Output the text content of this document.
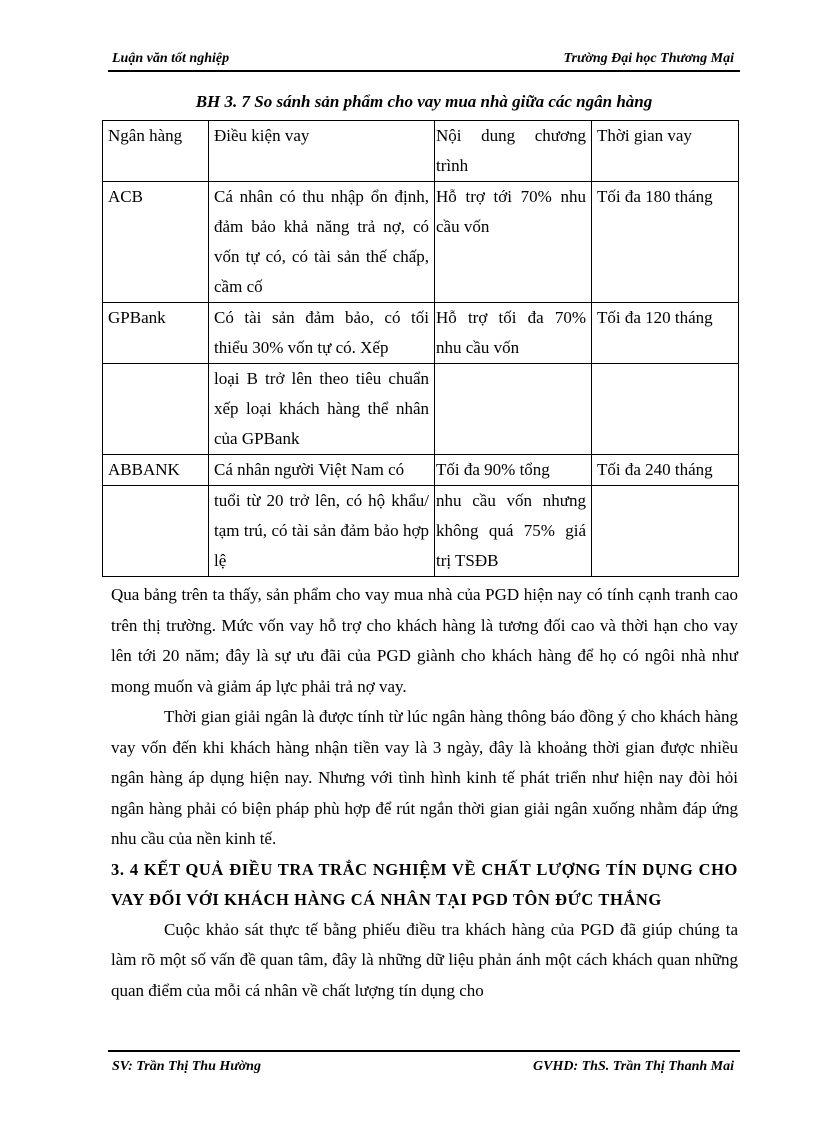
Luận văn tốt nghiệp	Trường Đại học Thương Mại
BH 3. 7 So sánh sản phẩm cho vay mua nhà giữa các ngân hàng
Ngân hàng	Điều kiện vay	Nội dung chương trình	Thời gian vay
ACB	Cá nhân có thu nhập ổn định, đảm bảo khả năng trả nợ, có vốn tự có, có tài sản thế chấp, cầm cố	Hỗ trợ tới 70% nhu cầu vốn	Tối đa 180 tháng
GPBank	Có tài sản đảm bảo, có tối thiểu 30% vốn tự có. Xếp	Hỗ trợ tối đa 70% nhu cầu vốn	Tối đa 120 tháng
	loại B trở lên theo tiêu chuẩn xếp loại khách hàng thể nhân của GPBank		
ABBANK	Cá nhân người Việt Nam có	Tối đa 90% tổng	Tối đa 240 tháng
	tuổi từ 20 trở lên, có hộ khẩu/ tạm trú, có tài sản đảm bảo hợp lệ	nhu cầu vốn nhưng không quá 75% giá trị TSĐB	

Qua bảng trên ta thấy, sản phẩm cho vay mua nhà của PGD hiện nay có tính cạnh tranh cao trên thị trường. Mức vốn vay hỗ trợ cho khách hàng là tương đối cao và thời hạn cho vay lên tới 20 năm; đây là sự ưu đãi của PGD giành cho khách hàng để họ có ngôi nhà như mong muốn và giảm áp lực phải trả nợ vay.

Thời gian giải ngân là được tính từ lúc ngân hàng thông báo đồng ý cho khách hàng vay vốn đến khi khách hàng nhận tiền vay là 3 ngày, đây là khoảng thời gian được nhiều ngân hàng áp dụng hiện nay. Nhưng với tình hình kinh tế phát triển như hiện nay đòi hỏi ngân hàng phải có biện pháp phù hợp để rút ngắn thời gian giải ngân xuống nhằm đáp ứng nhu cầu của nền kinh tế.

3. 4 KẾT QUẢ ĐIỀU TRA TRẮC NGHIỆM VỀ CHẤT LƯỢNG TÍN DỤNG CHO VAY ĐỐI VỚI KHÁCH HÀNG CÁ NHÂN TẠI PGD TÔN ĐỨC THẮNG

Cuộc khảo sát thực tế bằng phiếu điều tra khách hàng của PGD đã giúp chúng ta làm rõ một số vấn đề quan tâm, đây là những dữ liệu phản ánh một cách khách quan những quan điểm của mỗi cá nhân về chất lượng tín dụng cho

SV: Trần Thị Thu Hường	GVHD: ThS. Trần Thị Thanh Mai
